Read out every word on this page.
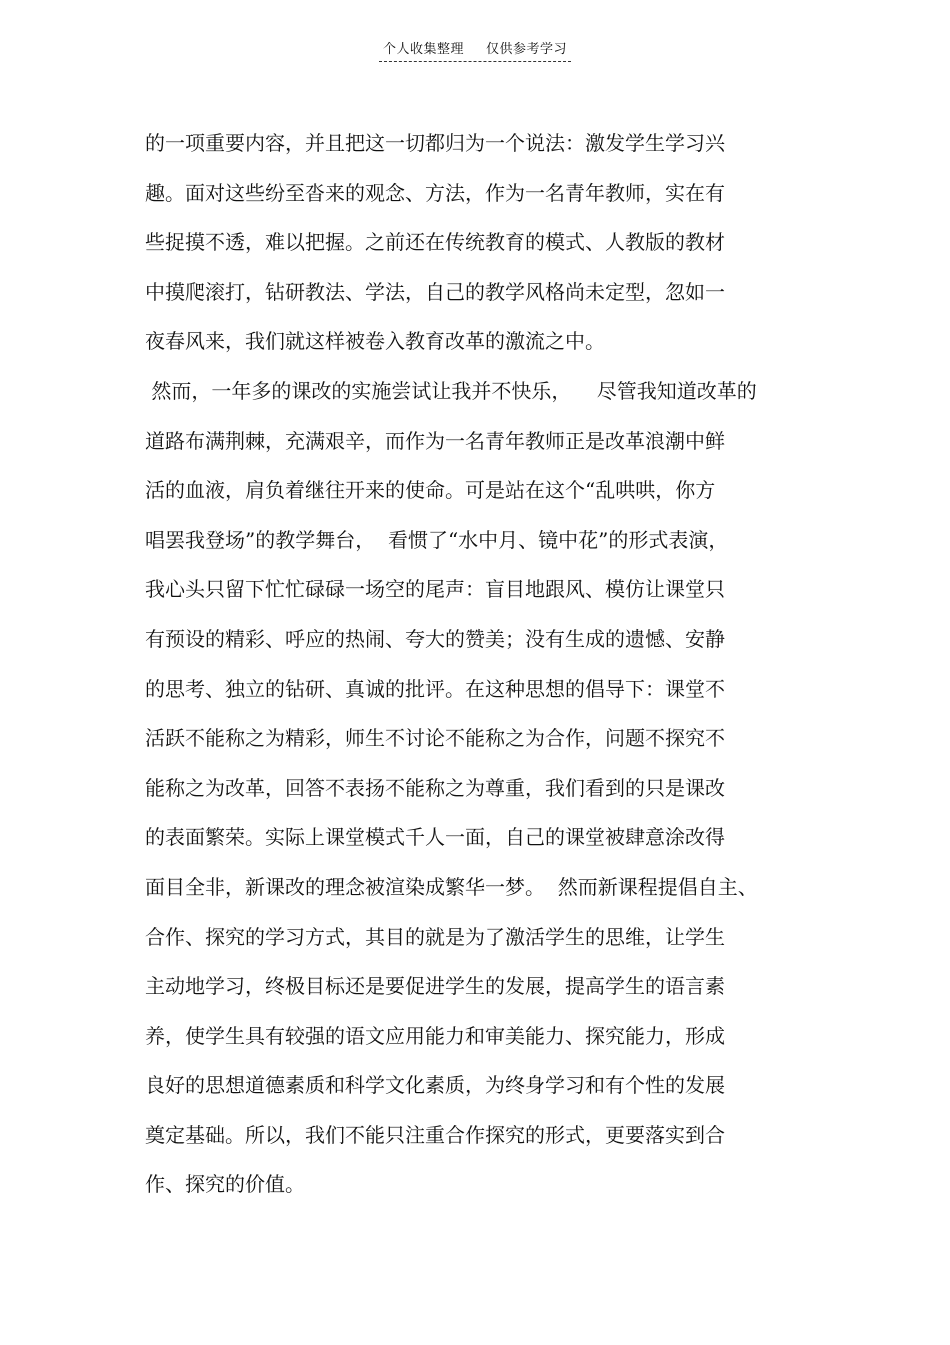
个人收集整理 仅供参考学习
的一项重要内容，并且把这一切都归为一个说法：激发学生学习兴
趣。面对这些纷至沓来的观念、方法，作为一名青年教师，实在有
些捉摸不透，难以把握。之前还在传统教育的模式、人教版的教材
中摸爬滚打，钻研教法、学法，自己的教学风格尚未定型，忽如一
夜春风来，我们就这样被卷入教育改革的激流之中。
然而，一年多的课改的实施尝试让我并不快乐，    尽管我知道改革的
道路布满荆棘，充满艰辛，而作为一名青年教师正是改革浪潮中鲜
活的血液，肩负着继往开来的使命。可是站在这个“乱哄哄，你方
唱罢我登场”的教学舞台，  看惯了“水中月、镜中花”的形式表演，
我心头只留下忙忙碌碌一场空的尾声：盲目地跟风、模仿让课堂只
有预设的精彩、呼应的热闹、夸大的赞美；没有生成的遗憾、安静
的思考、独立的钻研、真诚的批评。在这种思想的倡导下：课堂不
活跃不能称之为精彩，师生不讨论不能称之为合作，问题不探究不
能称之为改革，回答不表扬不能称之为尊重，我们看到的只是课改
的表面繁荣。实际上课堂模式千人一面，自己的课堂被肆意涂改得
面目全非，新课改的理念被渲染成繁华一梦。  然而新课程提倡自主、
合作、探究的学习方式，其目的就是为了激活学生的思维，让学生
主动地学习，终极目标还是要促进学生的发展，提高学生的语言素
养，使学生具有较强的语文应用能力和审美能力、探究能力，形成
良好的思想道德素质和科学文化素质，为终身学习和有个性的发展
奠定基础。所以，我们不能只注重合作探究的形式，更要落实到合
作、探究的价值。
